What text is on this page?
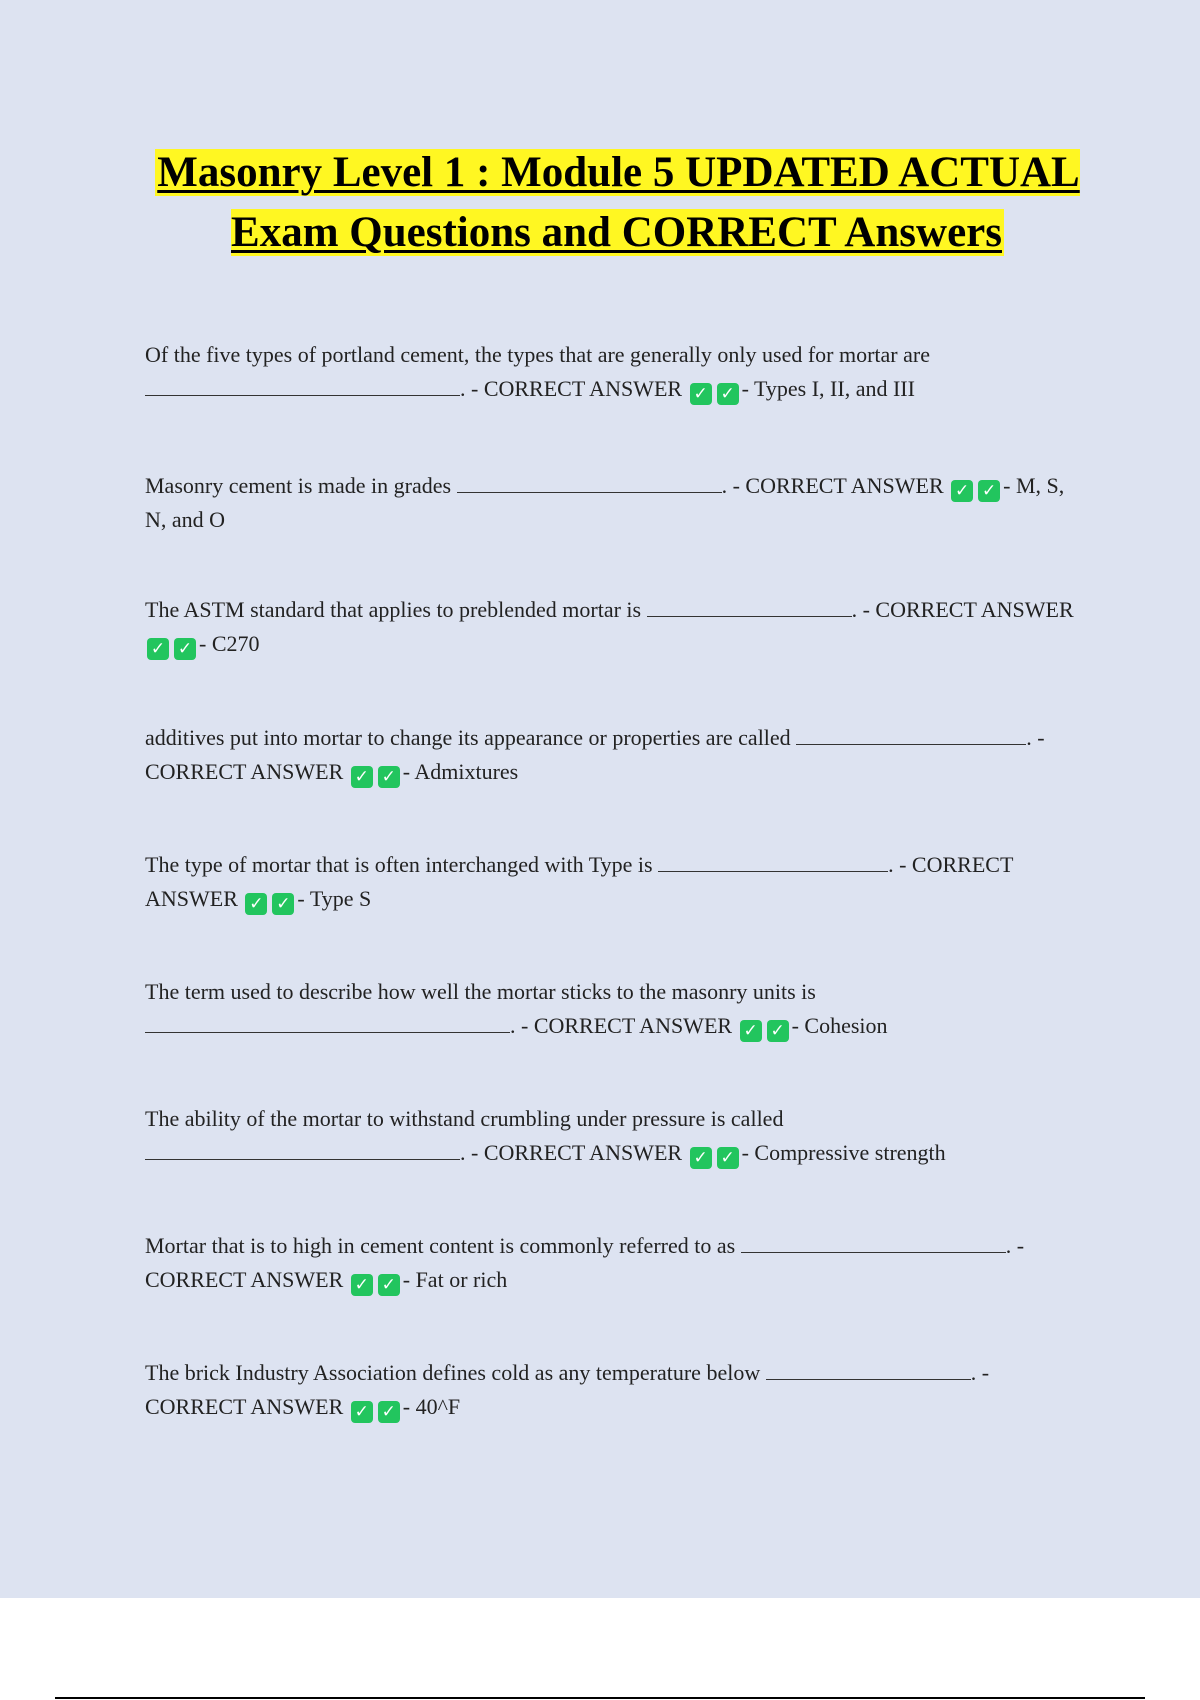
Masonry Level 1 : Module 5 UPDATED ACTUAL Exam Questions and CORRECT Answers

Of the five types of portland cement, the types that are generally only used for mortar are . - CORRECT ANSWER ✓ ✓ - Types I, II, and III

Masonry cement is made in grades	. - CORRECT ANSWER ✓ ✓ - M, S, N, and O

The ASTM standard that applies to preblended mortar is	. - CORRECT ANSWER ✓ ✓ - C270

additives put into mortar to change its appearance or properties are called	. - CORRECT ANSWER ✓ ✓ - Admixtures

The type of mortar that is often interchanged with Type is	. - CORRECT ANSWER ✓ ✓ - Type S

The term used to describe how well the mortar sticks to the masonry units is . - CORRECT ANSWER ✓ ✓ - Cohesion

The ability of the mortar to withstand crumbling under pressure is called . - CORRECT ANSWER ✓ ✓ - Compressive strength

Mortar that is to high in cement content is commonly referred to as	. - CORRECT ANSWER ✓ ✓ - Fat or rich

The brick Industry Association defines cold as any temperature below	. - CORRECT ANSWER ✓ ✓ - 40^F
